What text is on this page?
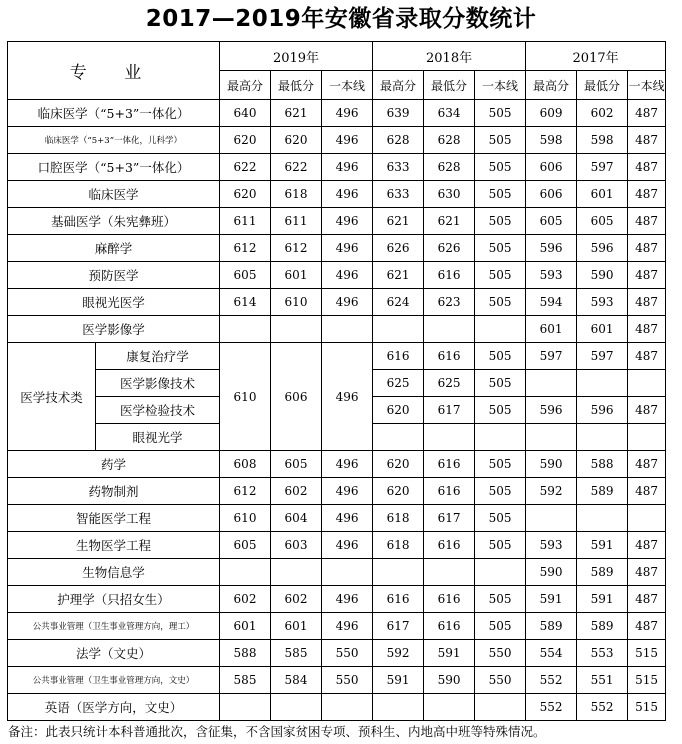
2017—2019年安徽省录取分数统计
专 业		2019年			2018年			2017年		
		最高分	最低分	一本线	最高分	最低分	一本线	最高分	最低分	一本线
临床医学（“5+3”一体化）		640	621	496	639	634	505	609	602	487
临床医学（“5+3”一体化，儿科学）		620	620	496	628	628	505	598	598	487
口腔医学（“5+3”一体化）		622	622	496	633	628	505	606	597	487
临床医学		620	618	496	633	630	505	606	601	487
基础医学（朱宪彝班）		611	611	496	621	621	505	605	605	487
麻醉学		612	612	496	626	626	505	596	596	487
预防医学		605	601	496	621	616	505	593	590	487
眼视光医学		614	610	496	624	623	505	594	593	487
医学影像学								601	601	487
医学技术类	康复治疗学	610	606	496	616	616	505	597	597	487
	医学影像技术				625	625	505			
	医学检验技术				620	617	505	596	596	487
	眼视光学									
药学		608	605	496	620	616	505	590	588	487
药物制剂		612	602	496	620	616	505	592	589	487
智能医学工程		610	604	496	618	617	505			
生物医学工程		605	603	496	618	616	505	593	591	487
生物信息学								590	589	487
护理学（只招女生）		602	602	496	616	616	505	591	591	487
公共事业管理（卫生事业管理方向，理工）		601	601	496	617	616	505	589	589	487
法学（文史）		588	585	550	592	591	550	554	553	515
公共事业管理（卫生事业管理方向，文史）		585	584	550	591	590	550	552	551	515
英语（医学方向，文史）								552	552	515
备注：此表只统计本科普通批次，含征集，不含国家贫困专项、预科生、内地高中班等特殊情况。
